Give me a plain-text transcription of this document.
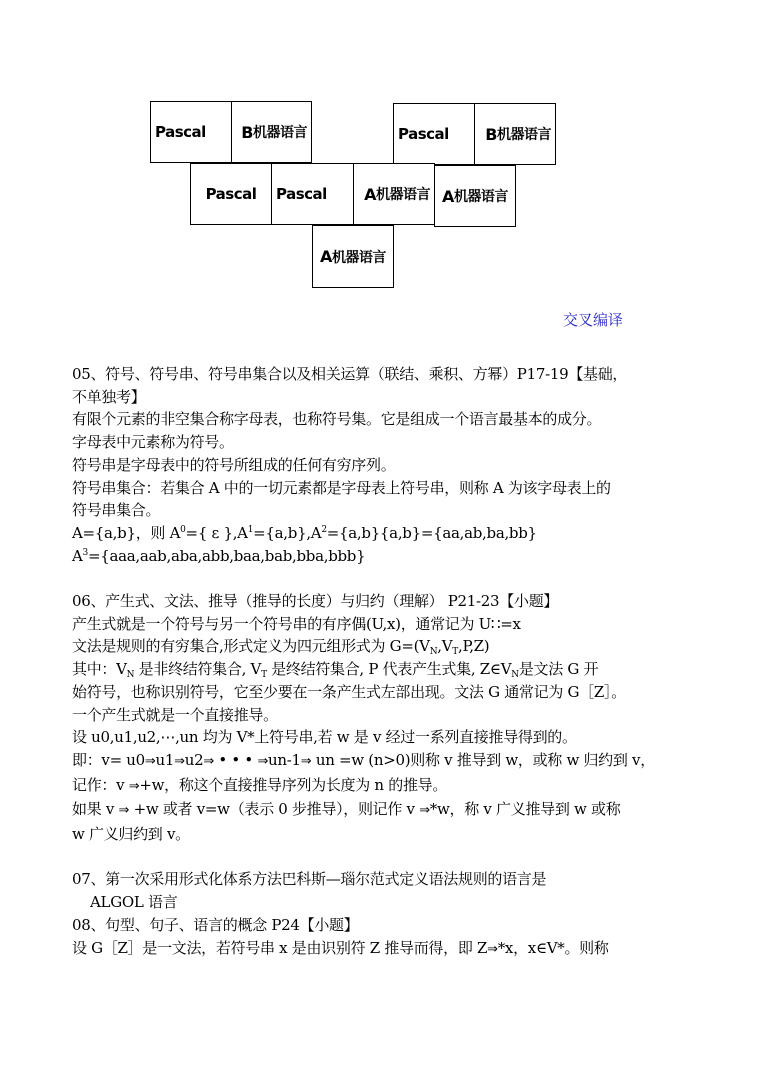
Pascal B 机器语言	Pascal B 机器语言
Pascal Pascal A 机器语言 A 机器语言
A 机器语言
交叉编译

05、符号、符号串、符号串集合以及相关运算（联结、乘积、方幂）P17-19【基础，

不单独考】

有限个元素的非空集合称字母表，也称符号集。它是组成一个语言最基本的成分。

字母表中元素称为符号。

符号串是字母表中的符号所组成的任何有穷序列。

符号串集合：若集合 A 中的一切元素都是字母表上符号串，则称 A 为该字母表上的

符号串集合。

A={a,b}，则 $A^0=${ ε }$,A^1=\{a,b\},A^2=\{a,b\}\{a,b\}=\{aa,ab,ba,bb\}$

$A^3=\{aaa,aab,aba,abb,baa,bab,bba,bbb\}$

06、产生式、文法、推导（推导的长度）与归约（理解） P21-23【小题】

产生式就是一个符号与另一个符号串的有序偶(U,x)，通常记为 U∷=x

文法是规则的有穷集合,形式定义为四元组形式为 $G=(V_N,V_T,P,Z)$

其中：$V_N$ 是非终结符集合, $V_T$ 是终结符集合, P 代表产生式集, $Z\in V_N$是文法 G 开

始符号，也称识别符号，它至少要在一条产生式左部出现。文法 G 通常记为 G［Z］。

一个产生式就是一个直接推导。

设 u0,u1,u2,⋯,un 均为 V*上符号串,若 w 是 v 经过一系列直接推导得到的。

即：v= u0⇒u1⇒u2⇒ • • • ⇒un-1⇒ un =w (n>0)则称 v 推导到 w，或称 w 归约到 v，

记作：v ⇒+w，称这个直接推导序列为长度为 n 的推导。

如果 v ⇒ +w 或者 v=w（表示 0 步推导），则记作 v ⇒*w，称 v 广义推导到 w 或称

w 广义归约到 v。

07、第一次采用形式化体系方法巴科斯—瑙尔范式定义语法规则的语言是

ALGOL 语言

08、句型、句子、语言的概念 P24【小题】

设 G［Z］是一文法，若符号串 x 是由识别符 Z 推导而得，即 Z⇒*x，x∈V*。则称
